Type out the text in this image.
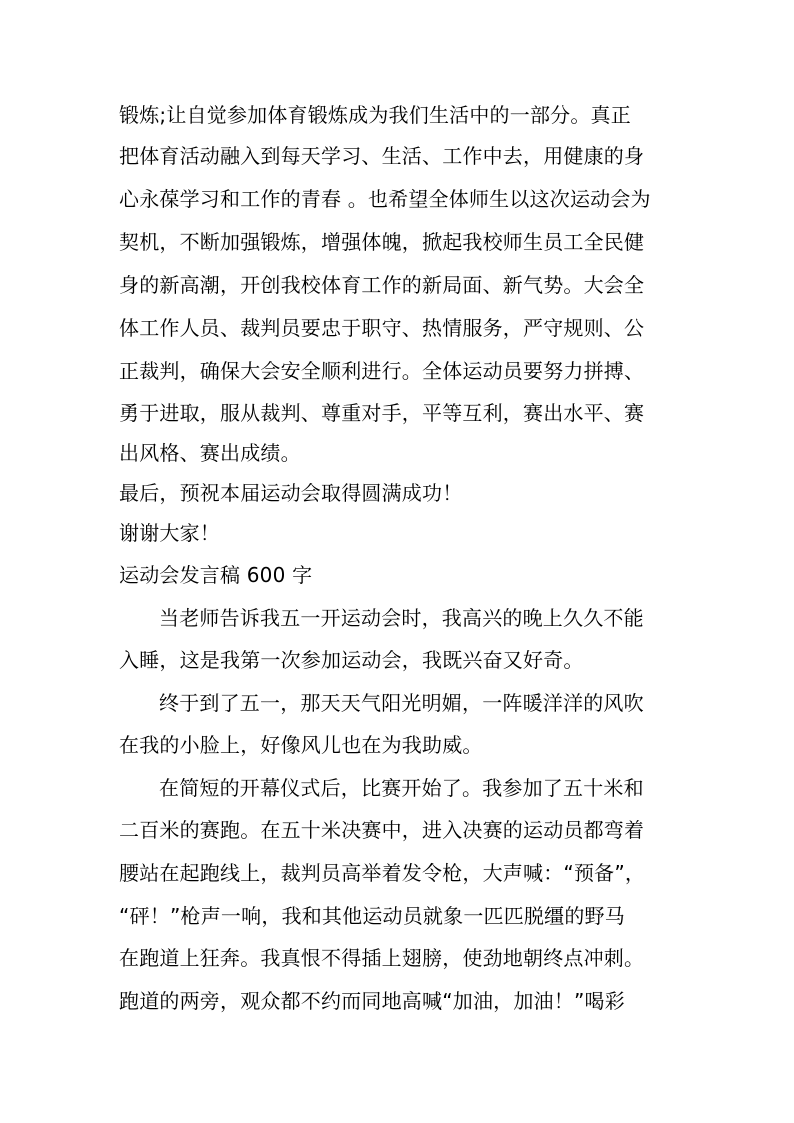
锻炼;让自觉参加体育锻炼成为我们生活中的一部分。真正
把体育活动融入到每天学习、生活、工作中去，用健康的身
心永葆学习和工作的青春 。也希望全体师生以这次运动会为
契机，不断加强锻炼，增强体魄，掀起我校师生员工全民健
身的新高潮，开创我校体育工作的新局面、新气势。大会全
体工作人员、裁判员要忠于职守、热情服务，严守规则、公
正裁判，确保大会安全顺利进行。全体运动员要努力拼搏、
勇于进取，服从裁判、尊重对手，平等互利，赛出水平、赛
出风格、赛出成绩。
最后，预祝本届运动会取得圆满成功！
谢谢大家！
运动会发言稿 600 字
当老师告诉我五一开运动会时，我高兴的晚上久久不能
入睡，这是我第一次参加运动会，我既兴奋又好奇。
终于到了五一，那天天气阳光明媚，一阵暖洋洋的风吹
在我的小脸上，好像风儿也在为我助威。
在简短的开幕仪式后，比赛开始了。我参加了五十米和
二百米的赛跑。在五十米决赛中，进入决赛的运动员都弯着
腰站在起跑线上，裁判员高举着发令枪，大声喊：“预备”，
“砰！”枪声一响，我和其他运动员就象一匹匹脱缰的野马
在跑道上狂奔。我真恨不得插上翅膀，使劲地朝终点冲刺。
跑道的两旁，观众都不约而同地高喊“加油，加油！”喝彩
